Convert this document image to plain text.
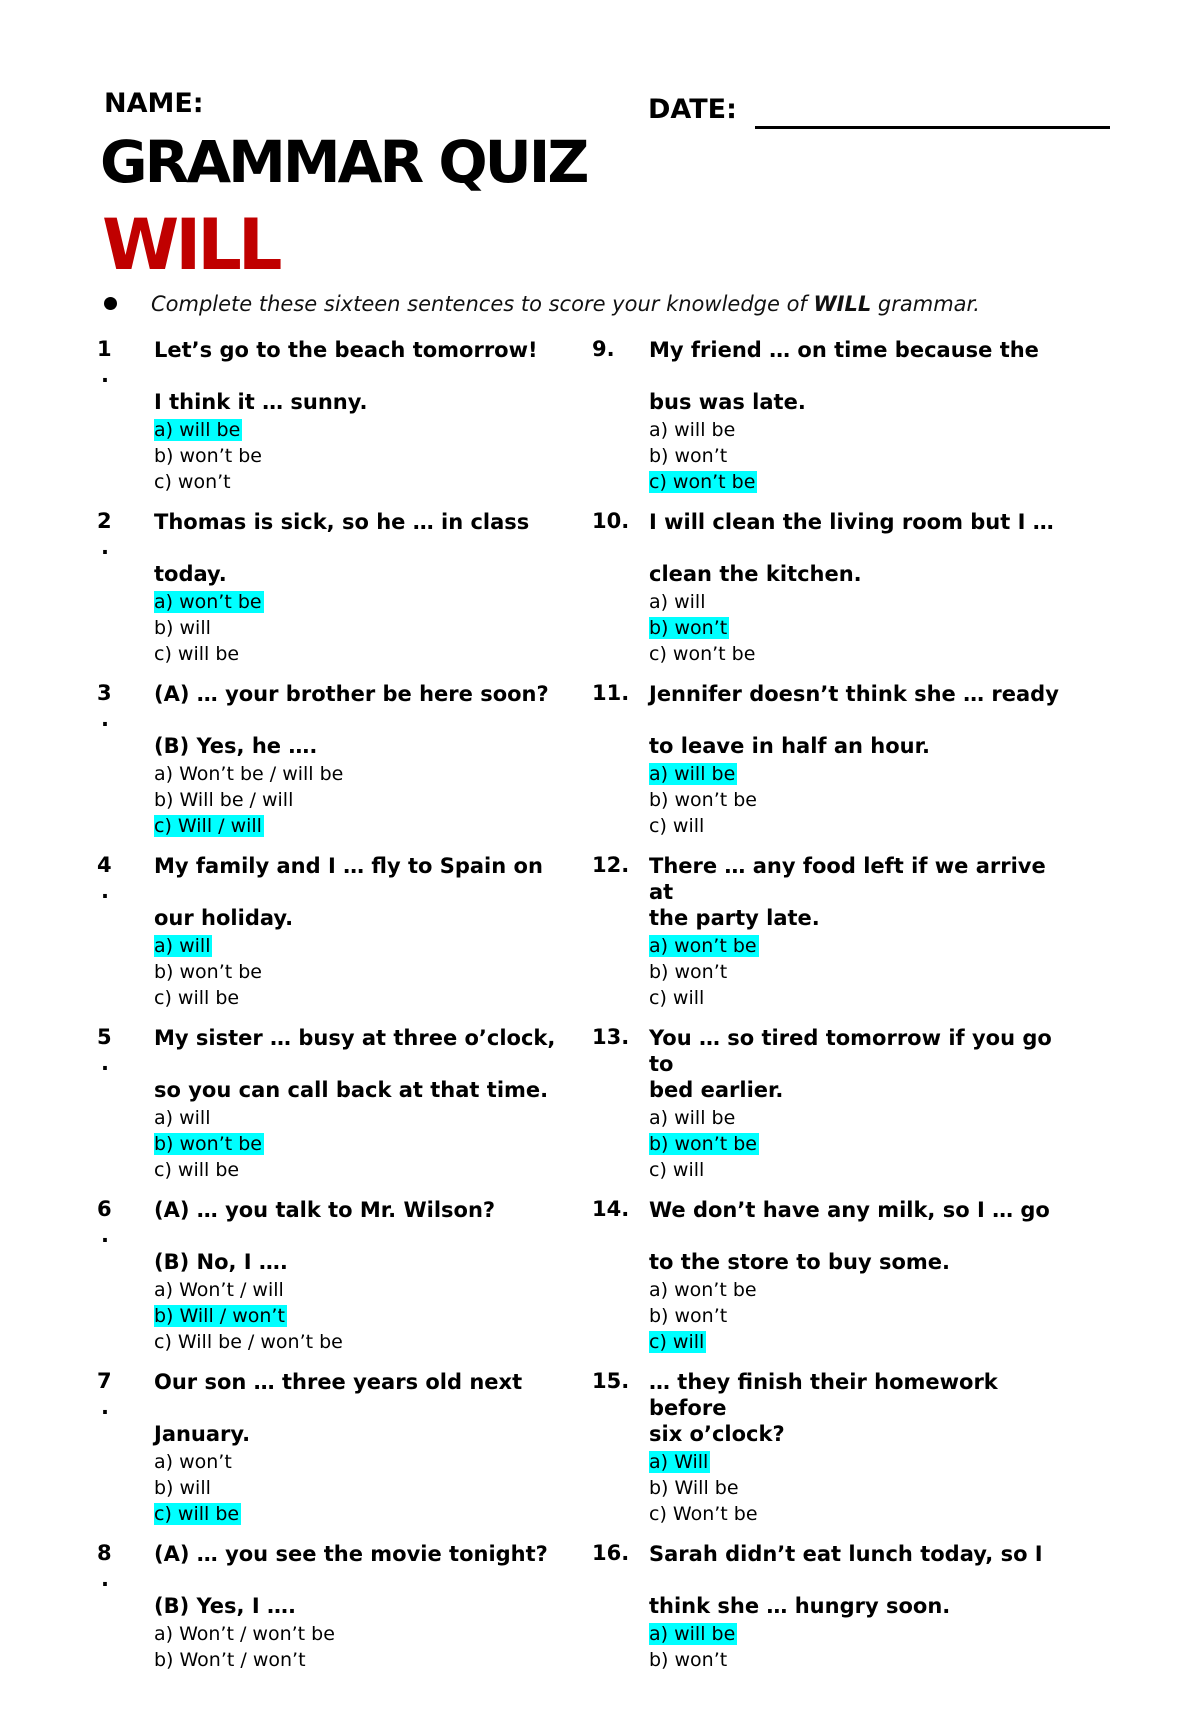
NAME:	DATE:
GRAMMAR QUIZ
WILL
Complete these sixteen sentences to score your knowledge of WILL grammar.
1
.
Let’s go to the beach tomorrow!
I think it … sunny.
a) will be
b) won’t be
c) won’t
2
.
Thomas is sick, so he … in class
today.
a) won’t be
b) will
c) will be
3
.
(A) … your brother be here soon?
(B) Yes, he ….
a) Won’t be / will be
b) Will be / will
c) Will / will
4
.
My family and I … fly to Spain on
our holiday.
a) will
b) won’t be
c) will be
5
.
My sister … busy at three o’clock,
so you can call back at that time.
a) will
b) won’t be
c) will be
6
.
(A) … you talk to Mr. Wilson?
(B) No, I ….
a) Won’t / will
b) Will / won’t
c) Will be / won’t be
7
.
Our son … three years old next
January.
a) won’t
b) will
c) will be
8
.
(A) … you see the movie tonight?
(B) Yes, I ….
a) Won’t / won’t be
b) Won’t / won’t
9. My friend … on time because the
bus was late.
a) will be
b) won’t
c) won’t be
10. I will clean the living room but I …
clean the kitchen.
a) will
b) won’t
c) won’t be
11. Jennifer doesn’t think she … ready
to leave in half an hour.
a) will be
b) won’t be
c) will
12. There … any food left if we arrive at
the party late.
a) won’t be
b) won’t
c) will
13. You … so tired tomorrow if you go
to
bed earlier.
a) will be
b) won’t be
c) will
14. We don’t have any milk, so I … go
to the store to buy some.
a) won’t be
b) won’t
c) will
15. … they finish their homework before
six o’clock?
a) Will
b) Will be
c) Won’t be
16. Sarah didn’t eat lunch today, so I
think she … hungry soon.
a) will be
b) won’t
